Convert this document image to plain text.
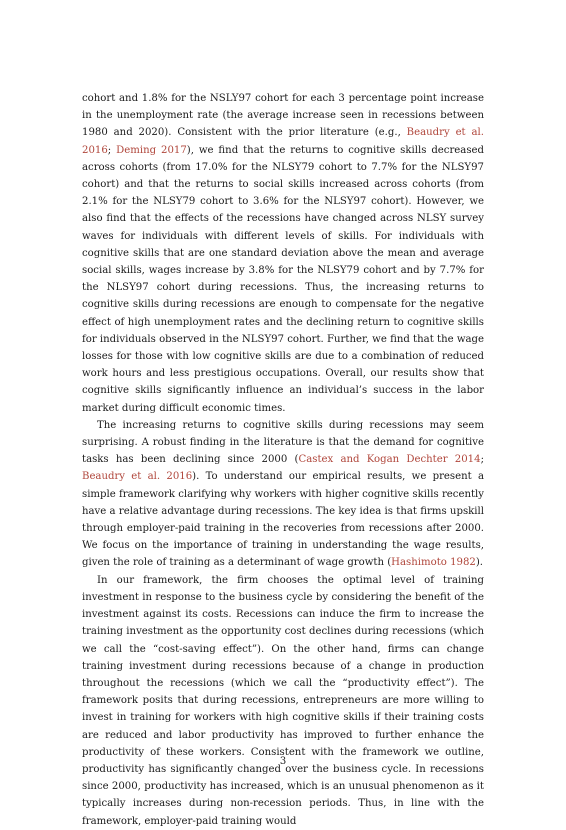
cohort and 1.8% for the NSLY97 cohort for each 3 percentage point increase in the unemployment rate (the average increase seen in recessions between 1980 and 2020). Consistent with the prior literature (e.g., Beaudry et al. 2016; Deming 2017), we find that the returns to cognitive skills decreased across cohorts (from 17.0% for the NLSY79 cohort to 7.7% for the NLSY97 cohort) and that the returns to social skills increased across cohorts (from 2.1% for the NLSY79 cohort to 3.6% for the NLSY97 cohort). However, we also find that the effects of the recessions have changed across NLSY survey waves for individuals with different levels of skills. For individuals with cognitive skills that are one standard deviation above the mean and average social skills, wages increase by 3.8% for the NLSY79 cohort and by 7.7% for the NLSY97 cohort during recessions. Thus, the increasing returns to cognitive skills during recessions are enough to compensate for the negative effect of high unemployment rates and the declining return to cognitive skills for individuals observed in the NLSY97 cohort. Further, we find that the wage losses for those with low cognitive skills are due to a combination of reduced work hours and less prestigious occupations. Overall, our results show that cognitive skills significantly influence an individual’s success in the labor market during difficult economic times.

The increasing returns to cognitive skills during recessions may seem surprising. A robust finding in the literature is that the demand for cognitive tasks has been declining since 2000 (Castex and Kogan Dechter 2014; Beaudry et al. 2016). To understand our empirical results, we present a simple framework clarifying why workers with higher cognitive skills recently have a relative advantage during recessions. The key idea is that firms upskill through employer-paid training in the recoveries from recessions after 2000. We focus on the importance of training in understanding the wage results, given the role of training as a determinant of wage growth (Hashimoto 1982).

In our framework, the firm chooses the optimal level of training investment in response to the business cycle by considering the benefit of the investment against its costs. Recessions can induce the firm to increase the training investment as the opportunity cost declines during recessions (which we call the “cost-saving effect”). On the other hand, firms can change training investment during recessions because of a change in production throughout the recessions (which we call the “productivity effect”). The framework posits that during recessions, entrepreneurs are more willing to invest in training for workers with high cognitive skills if their training costs are reduced and labor productivity has improved to further enhance the productivity of these workers. Consistent with the framework we outline, productivity has significantly changed over the business cycle. In recessions since 2000, productivity has increased, which is an unusual phenomenon as it typically increases during non-recession periods. Thus, in line with the framework, employer-paid training would

3
